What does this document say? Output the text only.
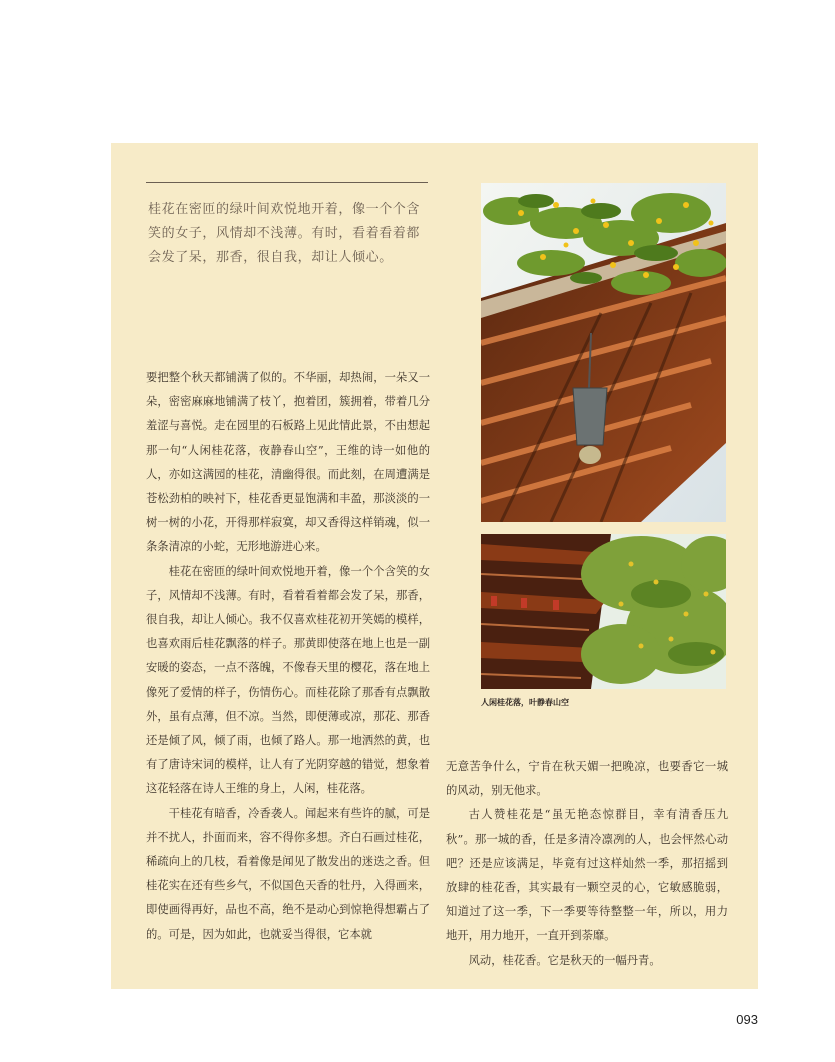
桂花在密匝的绿叶间欢悦地开着，像一个个含笑的女子，风情却不浅薄。有时，看着看着都会发了呆，那香，很自我，却让人倾心。

要把整个秋天都铺满了似的。不华丽，却热闹，一朵又一朵，密密麻麻地铺满了枝丫，抱着团，簇拥着，带着几分羞涩与喜悦。走在园里的石板路上见此情此景，不由想起那一句“人闲桂花落，夜静春山空”，王维的诗一如他的人，亦如这满园的桂花，清幽得很。而此刻，在周遭满是苍松劲柏的映衬下，桂花香更显饱满和丰盈，那淡淡的一树一树的小花，开得那样寂寞，却又香得这样销魂，似一条条清凉的小蛇，无形地游进心来。

桂花在密匝的绿叶间欢悦地开着，像一个个含笑的女子，风情却不浅薄。有时，看着看着都会发了呆，那香，很自我，却让人倾心。我不仅喜欢桂花初开笑嫣的模样，也喜欢雨后桂花飘落的样子。那黄即使落在地上也是一副安暖的姿态，一点不落魄，不像春天里的樱花，落在地上像死了爱情的样子，伤情伤心。而桂花除了那香有点飘散外，虽有点薄，但不凉。当然，即便薄或凉，那花、那香还是倾了风，倾了雨，也倾了路人。那一地洒然的黄，也有了唐诗宋词的模样，让人有了光阴穿越的错觉，想象着这花轻落在诗人王维的身上，人闲，桂花落。

干桂花有暗香，冷香袭人。闻起来有些许的腻，可是并不扰人，扑面而来，容不得你多想。齐白石画过桂花，稀疏向上的几枝，看着像是闻见了散发出的迷迭之香。但桂花实在还有些乡气，不似国色天香的牡丹，入得画来，即使画得再好，品也不高，绝不是动心到惊艳得想霸占了的。可是，因为如此，也就妥当得很，它本就

人闲桂花落，叶静春山空

无意苦争什么，宁肯在秋天媚一把晚凉，也要香它一城的风动，别无他求。

古人赞桂花是“虽无艳态惊群目，幸有清香压九秋”。那一城的香，任是多清冷凛冽的人，也会怦然心动吧？还是应该满足，毕竟有过这样灿然一季，那招摇到放肆的桂花香，其实最有一颗空灵的心，它敏感脆弱，知道过了这一季，下一季要等待整整一年，所以，用力地开，用力地开，一直开到荼靡。

风动，桂花香。它是秋天的一幅丹青。

093
